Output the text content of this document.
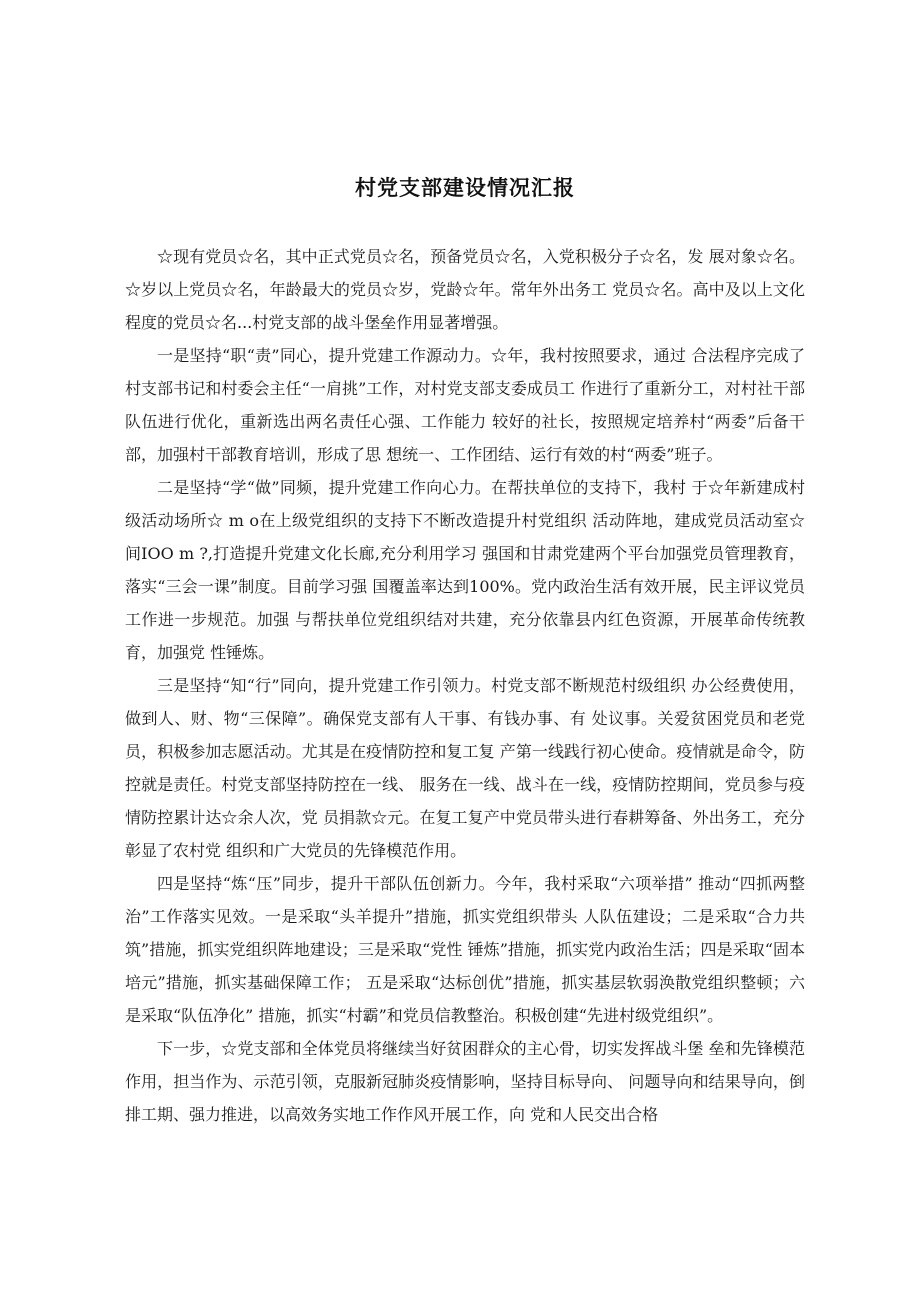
村党支部建设情况汇报

☆现有党员☆名，其中正式党员☆名，预备党员☆名，入党积极分子☆名，发 展对象☆名。☆岁以上党员☆名，年龄最大的党员☆岁，党龄☆年。常年外出务工 党员☆名。高中及以上文化程度的党员☆名...村党支部的战斗堡垒作用显著增强。

一是坚持“职“责”同心，提升党建工作源动力。☆年，我村按照要求，通过 合法程序完成了村支部书记和村委会主任“一肩挑”工作，对村党支部支委成员工 作进行了重新分工，对村社干部队伍进行优化，重新选出两名责任心强、工作能力 较好的社长，按照规定培养村“两委”后备干部，加强村干部教育培训，形成了思 想统一、工作团结、运行有效的村“两委”班子。

二是坚持“学“做”同频，提升党建工作向心力。在帮扶单位的支持下，我村 于☆年新建成村级活动场所☆ m o在上级党组织的支持下不断改造提升村党组织 活动阵地，建成党员活动室☆间IOO m ?,打造提升党建文化长廊,充分利用学习 强国和甘肃党建两个平台加强党员管理教育，落实“三会一课”制度。目前学习强 国覆盖率达到100%。党内政治生活有效开展，民主评议党员工作进一步规范。加强 与帮扶单位党组织结对共建，充分依靠县内红色资源，开展革命传统教育，加强党 性锤炼。

三是坚持“知“行”同向，提升党建工作引领力。村党支部不断规范村级组织 办公经费使用，做到人、财、物“三保障”。确保党支部有人干事、有钱办事、有 处议事。关爱贫困党员和老党员，积极参加志愿活动。尤其是在疫情防控和复工复 产第一线践行初心使命。疫情就是命令，防控就是责任。村党支部坚持防控在一线、 服务在一线、战斗在一线，疫情防控期间，党员参与疫情防控累计达☆余人次，党 员捐款☆元。在复工复产中党员带头进行春耕筹备、外出务工，充分彰显了农村党 组织和广大党员的先锋模范作用。

四是坚持“炼“压”同步，提升干部队伍创新力。今年，我村采取“六项举措” 推动“四抓两整治”工作落实见效。一是采取“头羊提升”措施，抓实党组织带头 人队伍建设；二是采取“合力共筑”措施，抓实党组织阵地建设；三是采取“党性 锤炼”措施，抓实党内政治生活；四是采取“固本培元”措施，抓实基础保障工作； 五是采取“达标创优”措施，抓实基层软弱涣散党组织整顿；六是采取“队伍净化” 措施，抓实“村霸”和党员信教整治。积极创建“先进村级党组织”。

下一步，☆党支部和全体党员将继续当好贫困群众的主心骨，切实发挥战斗堡 垒和先锋模范作用，担当作为、示范引领，克服新冠肺炎疫情影响，坚持目标导向、 问题导向和结果导向，倒排工期、强力推进，以高效务实地工作作风开展工作，向 党和人民交出合格
